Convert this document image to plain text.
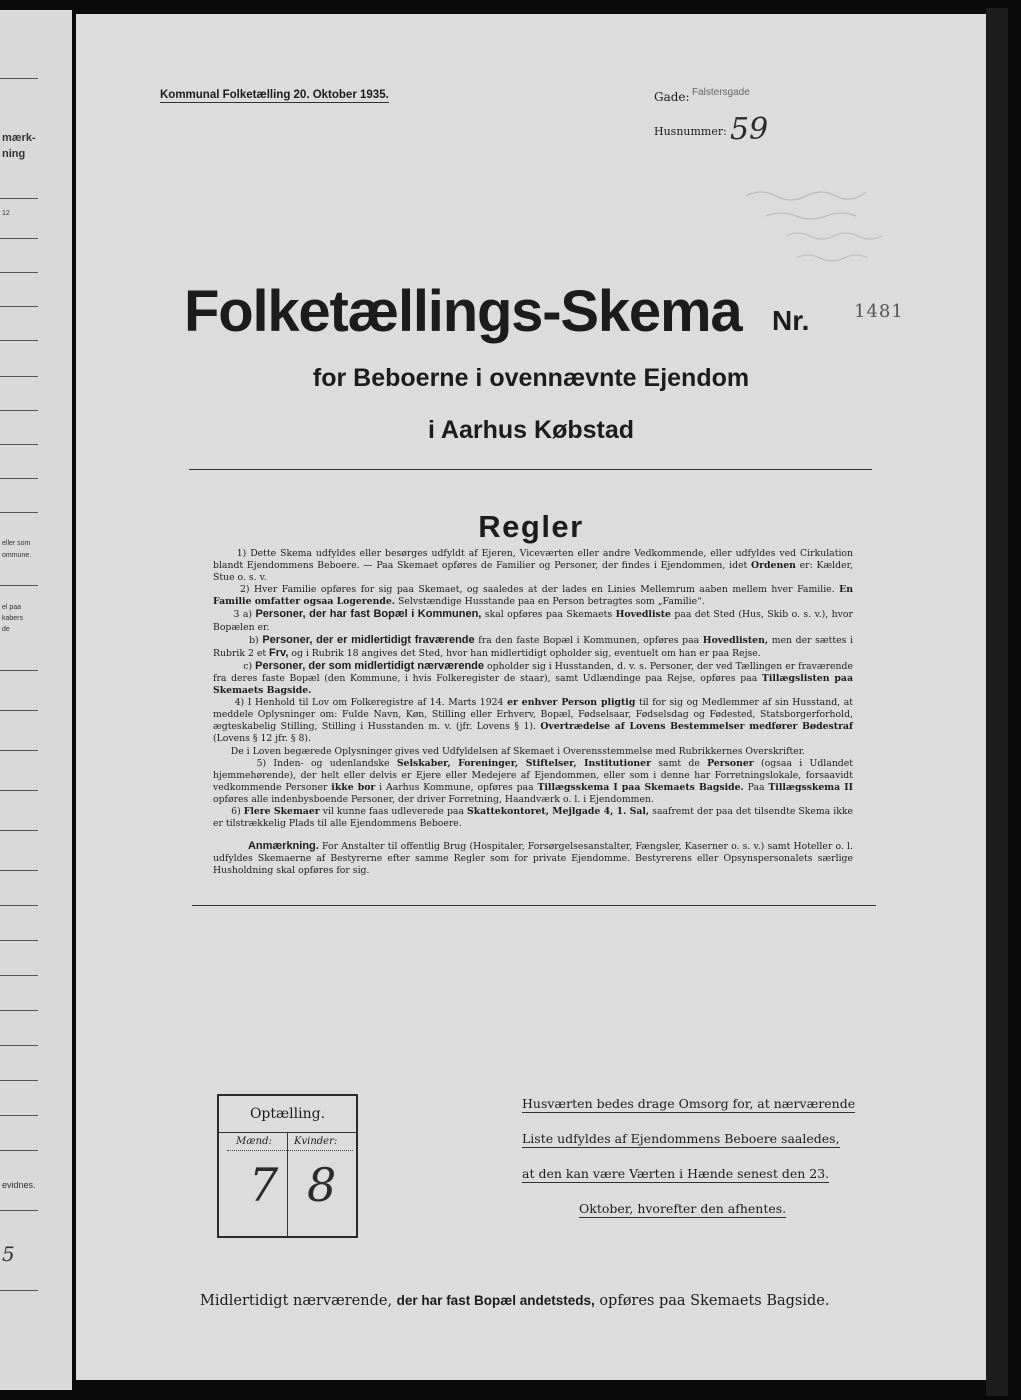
mærk-
ning
12
eller som
ommune.
el paa
kabers
de
evidnes.
5
Kommunal Folketælling 20. Oktober 1935.	Gade: Falstersgade
Husnummer: 59
Folketællings-Skema Nr. 1481
for Beboerne i ovennævnte Ejendom
i Aarhus Købstad
Regler

1) Dette Skema udfyldes eller besørges udfyldt af Ejeren, Viceværten eller andre Vedkommende, eller udfyldes ved Cirkulation blandt Ejendommens Beboere. — Paa Skemaet opføres de Familier og Personer, der findes i Ejendommen, idet Ordenen er: Kælder, Stue o. s. v.

2) Hver Familie opføres for sig paa Skemaet, og saaledes at der lades en Linies Mellemrum aaben mellem hver Familie. En Familie omfatter ogsaa Logerende. Selvstændige Husstande paa en Person betragtes som „Familie“.

3 a) Personer, der har fast Bopæl i Kommunen, skal opføres paa Skemaets Hovedliste paa det Sted (Hus, Skib o. s. v.), hvor Bopælen er.

b) Personer, der er midlertidigt fraværende fra den faste Bopæl i Kommunen, opføres paa Hovedlisten, men der sættes i Rubrik 2 et Frv, og i Rubrik 18 angives det Sted, hvor han midlertidigt opholder sig, eventuelt om han er paa Rejse.

c) Personer, der som midlertidigt nærværende opholder sig i Husstanden, d. v. s. Personer, der ved Tællingen er fraværende fra deres faste Bopæl (den Kommune, i hvis Folkeregister de staar), samt Udlændinge paa Rejse, opføres paa Tillægslisten paa Skemaets Bagside.

4) I Henhold til Lov om Folkeregistre af 14. Marts 1924 er enhver Person pligtig til for sig og Medlemmer af sin Husstand, at meddele Oplysninger om: Fulde Navn, Køn, Stilling eller Erhverv, Bopæl, Fødselsaar, Fødselsdag og Fødested, Statsborgerforhold, ægteskabelig Stilling, Stilling i Husstanden m. v. (jfr. Lovens § 1). Overtrædelse af Lovens Bestemmelser medfører Bødestraf (Lovens § 12 jfr. § 8).

De i Loven begærede Oplysninger gives ved Udfyldelsen af Skemaet i Overensstemmelse med Rubrikkernes Overskrifter.

5) Inden- og udenlandske Selskaber, Foreninger, Stiftelser, Institutioner samt de Personer (ogsaa i Udlandet hjemmehørende), der helt eller delvis er Ejere eller Medejere af Ejendommen, eller som i denne har Forretningslokale, forsaavidt vedkommende Personer ikke bor i Aarhus Kommune, opføres paa Tillægsskema I paa Skemaets Bagside. Paa Tillægsskema II opføres alle indenbysboende Personer, der driver Forretning, Haandværk o. l. i Ejendommen.

6) Flere Skemaer vil kunne faas udleverede paa Skattekontoret, Mejlgade 4, 1. Sal, saafremt der paa det tilsendte Skema ikke er tilstrækkelig Plads til alle Ejendommens Beboere.

Anmærkning. For Anstalter til offentlig Brug (Hospitaler, Forsørgelsesanstalter, Fængsler, Kaserner o. s. v.) samt Hoteller o. l. udfyldes Skemaerne af Bestyrerne efter samme Regler som for private Ejendomme. Bestyrerens eller Opsynspersonalets særlige Husholdning skal opføres for sig.
Optælling.
Mænd: Kvinder:
7 8
Husværten bedes drage Omsorg for, at nærværende
Liste udfyldes af Ejendommens Beboere saaledes,
at den kan være Værten i Hænde senest den 23.
Oktober, hvorefter den afhentes.
Midlertidigt nærværende, der har fast Bopæl andetsteds, opføres paa Skemaets Bagside.
